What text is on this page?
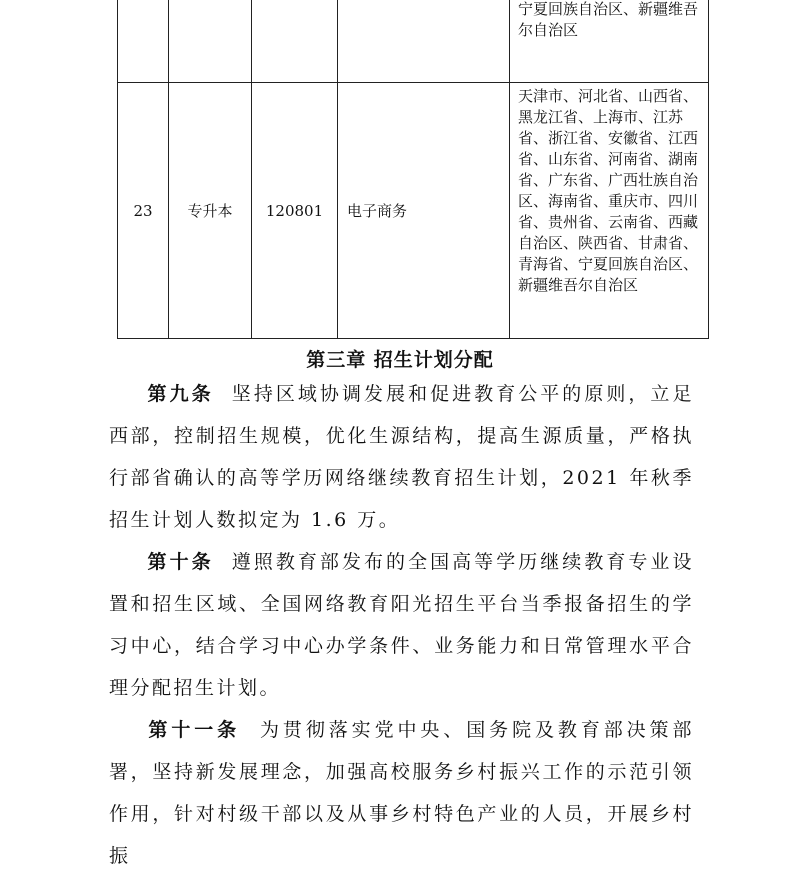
				宁夏回族自治区、新疆维吾尔自治区

23	专升本	120801	电子商务	天津市、河北省、山西省、黑龙江省、上海市、江苏省、浙江省、安徽省、江西省、山东省、河南省、湖南省、广东省、广西壮族自治区、海南省、重庆市、四川省、贵州省、云南省、西藏自治区、陕西省、甘肃省、青海省、宁夏回族自治区、新疆维吾尔自治区
第三章 招生计划分配

第九条 坚持区域协调发展和促进教育公平的原则，立足西部，控制招生规模，优化生源结构，提高生源质量，严格执行部省确认的高等学历网络继续教育招生计划，2021 年秋季招生计划人数拟定为 1.6 万。

第十条 遵照教育部发布的全国高等学历继续教育专业设置和招生区域、全国网络教育阳光招生平台当季报备招生的学习中心，结合学习中心办学条件、业务能力和日常管理水平合理分配招生计划。

第十一条 为贯彻落实党中央、国务院及教育部决策部署，坚持新发展理念，加强高校服务乡村振兴工作的示范引领作用，针对村级干部以及从事乡村特色产业的人员，开展乡村振
